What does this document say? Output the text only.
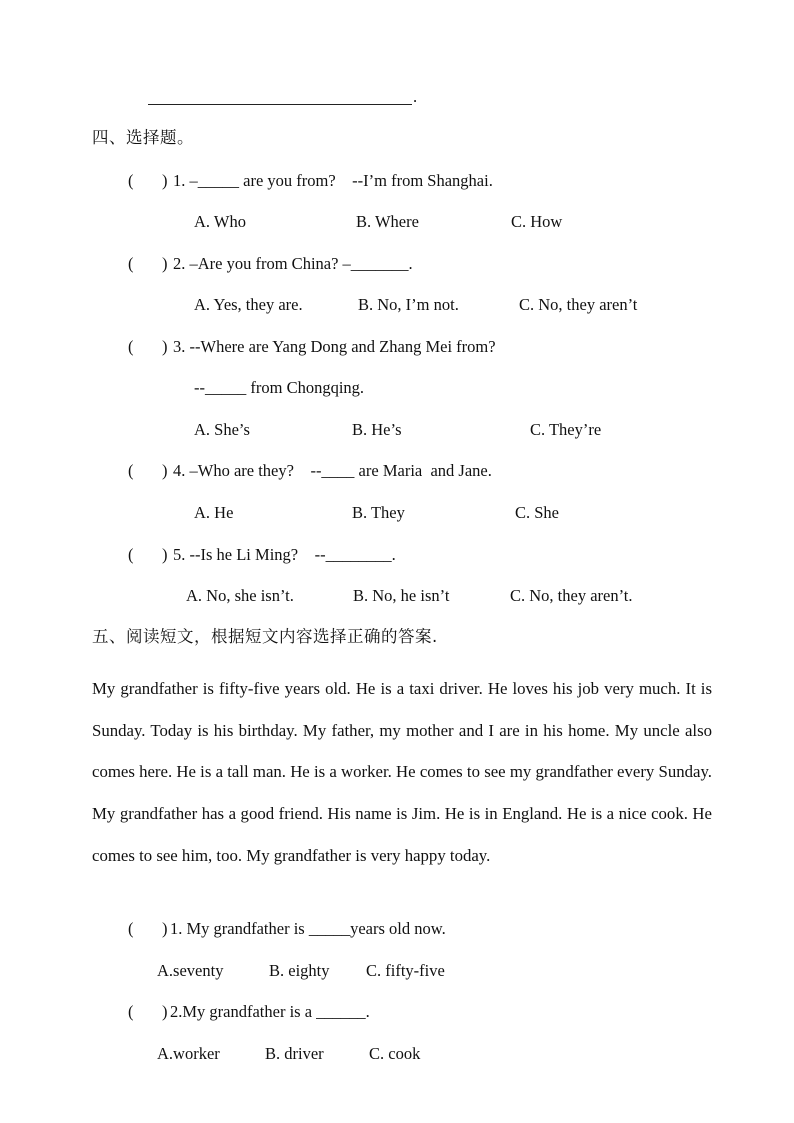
.
四、选择题。
( ) 1. –_____ are you from?    --I’m from Shanghai.
A. Who	B. Where	C. How
( ) 2. –Are you from China? –_______.
A. Yes, they are.	B. No, I’m not.	C. No, they aren’t
( ) 3. --Where are Yang Dong and Zhang Mei from?
--_____ from Chongqing.
A. She’s	B. He’s	C. They’re
( ) 4. –Who are they?    --____ are Maria  and Jane.
A. He	B. They	C. She
( ) 5. --Is he Li Ming?    --________.
A. No, she isn’t.	B. No, he isn’t	C. No, they aren’t.
五、阅读短文，根据短文内容选择正确的答案.

My grandfather is fifty-five years old. He is a taxi driver. He loves his job very much. It is Sunday. Today is his birthday. My father, my mother and I are in his home. My uncle also comes here. He is a tall man. He is a worker. He comes to see my grandfather every Sunday. My grandfather has a good friend. His name is Jim. He is in England. He is a nice cook. He comes to see him, too. My grandfather is very happy today.

( ) 1. My grandfather is _____years old now.
A.seventy	B. eighty C. fifty-five
( ) 2.My grandfather is a ______.
A.worker	B. driver	C. cook
